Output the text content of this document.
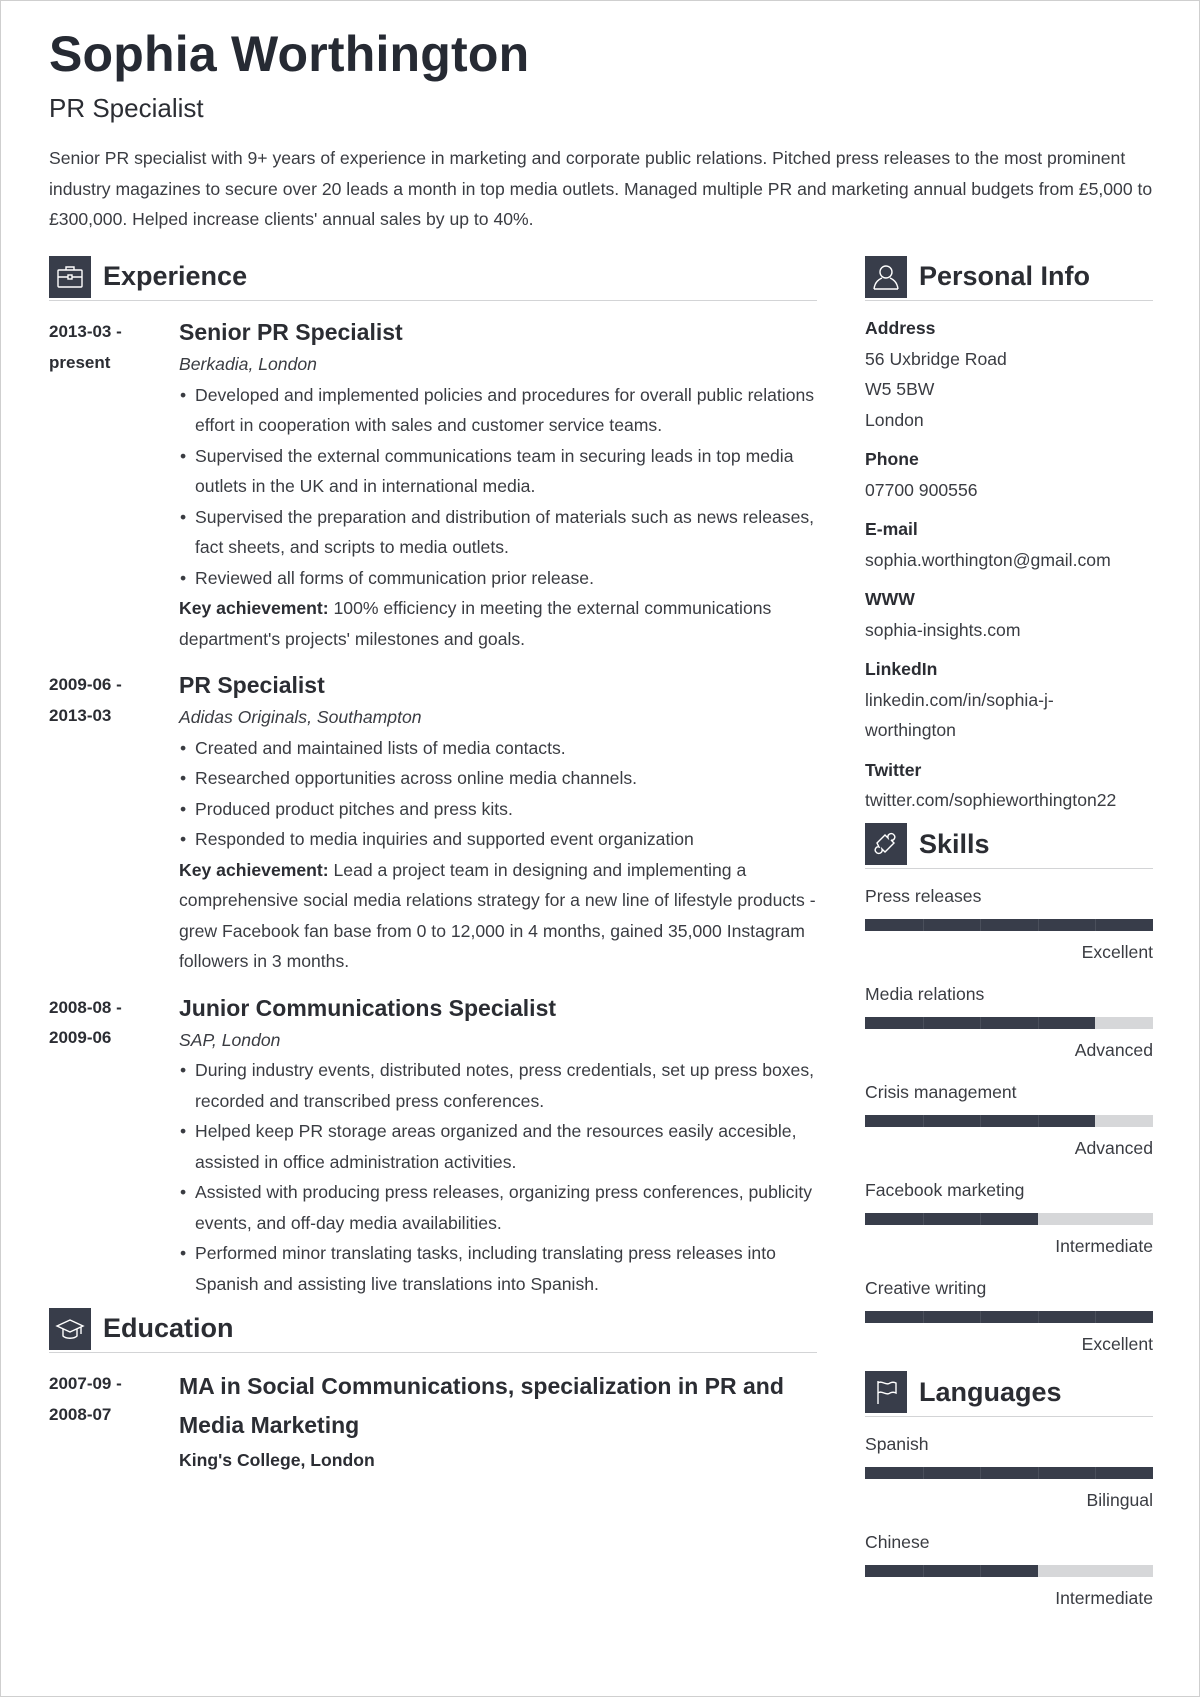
Sophia Worthington
PR Specialist

Senior PR specialist with 9+ years of experience in marketing and corporate public relations. Pitched press releases to the most prominent industry magazines to secure over 20 leads a month in top media outlets. Managed multiple PR and marketing annual budgets from £5,000 to £300,000. Helped increase clients' annual sales by up to 40%.

Experience
2013-03 -
present
Senior PR Specialist
Berkadia, London
• Developed and implemented policies and procedures for overall public relations effort in cooperation with sales and customer service teams.
• Supervised the external communications team in securing leads in top media outlets in the UK and in international media.
• Supervised the preparation and distribution of materials such as news releases, fact sheets, and scripts to media outlets.
• Reviewed all forms of communication prior release.
Key achievement: 100% efficiency in meeting the external communications department's projects' milestones and goals.
2009-06 -
2013-03
PR Specialist
Adidas Originals, Southampton
• Created and maintained lists of media contacts.
• Researched opportunities across online media channels.
• Produced product pitches and press kits.
• Responded to media inquiries and supported event organization
Key achievement: Lead a project team in designing and implementing a comprehensive social media relations strategy for a new line of lifestyle products - grew Facebook fan base from 0 to 12,000 in 4 months, gained 35,000 Instagram followers in 3 months.
2008-08 -
2009-06
Junior Communications Specialist
SAP, London
• During industry events, distributed notes, press credentials, set up press boxes, recorded and transcribed press conferences.
• Helped keep PR storage areas organized and the resources easily accesible, assisted in office administration activities.
• Assisted with producing press releases, organizing press conferences, publicity events, and off-day media availabilities.
• Performed minor translating tasks, including translating press releases into Spanish and assisting live translations into Spanish.
Education
2007-09 -
2008-07
MA in Social Communications, specialization in PR and Media Marketing
King's College, London
Personal Info
Address
56 Uxbridge Road
W5 5BW
London
Phone
07700 900556
E-mail
sophia.worthington@gmail.com
WWW
sophia-insights.com
LinkedIn
linkedin.com/in/sophia-j-worthington
Twitter
twitter.com/sophieworthington22
Skills
Press releases
Excellent
Media relations
Advanced
Crisis management
Advanced
Facebook marketing
Intermediate
Creative writing
Excellent
Languages
Spanish
Bilingual
Chinese
Intermediate
